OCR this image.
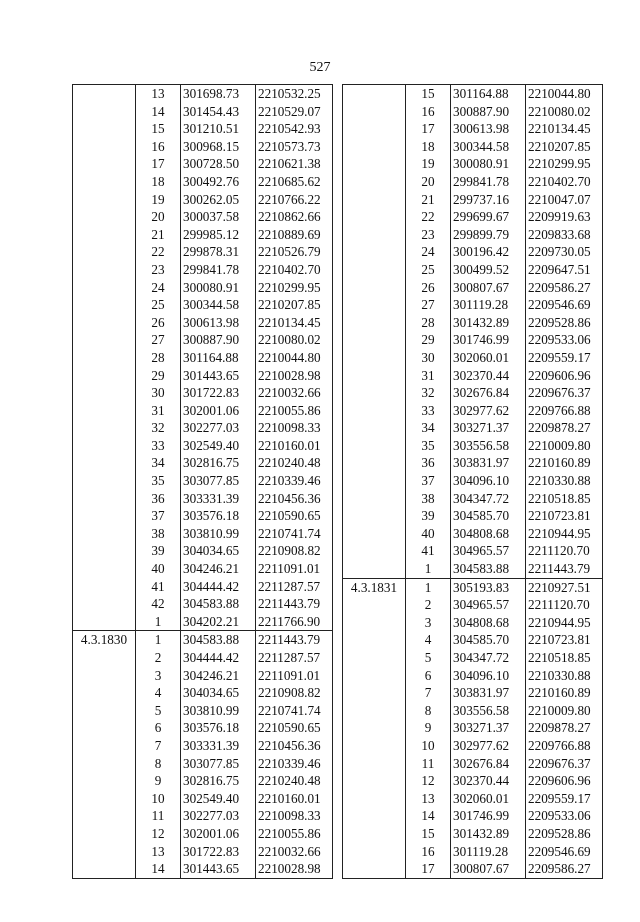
527
	13	301698.73	2210532.25
	14	301454.43	2210529.07
	15	301210.51	2210542.93
	16	300968.15	2210573.73
	17	300728.50	2210621.38
	18	300492.76	2210685.62
	19	300262.05	2210766.22
	20	300037.58	2210862.66
	21	299985.12	2210889.69
	22	299878.31	2210526.79
	23	299841.78	2210402.70
	24	300080.91	2210299.95
	25	300344.58	2210207.85
	26	300613.98	2210134.45
	27	300887.90	2210080.02
	28	301164.88	2210044.80
	29	301443.65	2210028.98
	30	301722.83	2210032.66
	31	302001.06	2210055.86
	32	302277.03	2210098.33
	33	302549.40	2210160.01
	34	302816.75	2210240.48
	35	303077.85	2210339.46
	36	303331.39	2210456.36
	37	303576.18	2210590.65
	38	303810.99	2210741.74
	39	304034.65	2210908.82
	40	304246.21	2211091.01
	41	304444.42	2211287.57
	42	304583.88	2211443.79
	1	304202.21	2211766.90
4.3.1830	1	304583.88	2211443.79
	2	304444.42	2211287.57
	3	304246.21	2211091.01
	4	304034.65	2210908.82
	5	303810.99	2210741.74
	6	303576.18	2210590.65
	7	303331.39	2210456.36
	8	303077.85	2210339.46
	9	302816.75	2210240.48
	10	302549.40	2210160.01
	11	302277.03	2210098.33
	12	302001.06	2210055.86
	13	301722.83	2210032.66
	14	301443.65	2210028.98
	15	301164.88	2210044.80
	16	300887.90	2210080.02
	17	300613.98	2210134.45
	18	300344.58	2210207.85
	19	300080.91	2210299.95
	20	299841.78	2210402.70
	21	299737.16	2210047.07
	22	299699.67	2209919.63
	23	299899.79	2209833.68
	24	300196.42	2209730.05
	25	300499.52	2209647.51
	26	300807.67	2209586.27
	27	301119.28	2209546.69
	28	301432.89	2209528.86
	29	301746.99	2209533.06
	30	302060.01	2209559.17
	31	302370.44	2209606.96
	32	302676.84	2209676.37
	33	302977.62	2209766.88
	34	303271.37	2209878.27
	35	303556.58	2210009.80
	36	303831.97	2210160.89
	37	304096.10	2210330.88
	38	304347.72	2210518.85
	39	304585.70	2210723.81
	40	304808.68	2210944.95
	41	304965.57	2211120.70
	1	304583.88	2211443.79
4.3.1831	1	305193.83	2210927.51
	2	304965.57	2211120.70
	3	304808.68	2210944.95
	4	304585.70	2210723.81
	5	304347.72	2210518.85
	6	304096.10	2210330.88
	7	303831.97	2210160.89
	8	303556.58	2210009.80
	9	303271.37	2209878.27
	10	302977.62	2209766.88
	11	302676.84	2209676.37
	12	302370.44	2209606.96
	13	302060.01	2209559.17
	14	301746.99	2209533.06
	15	301432.89	2209528.86
	16	301119.28	2209546.69
	17	300807.67	2209586.27
